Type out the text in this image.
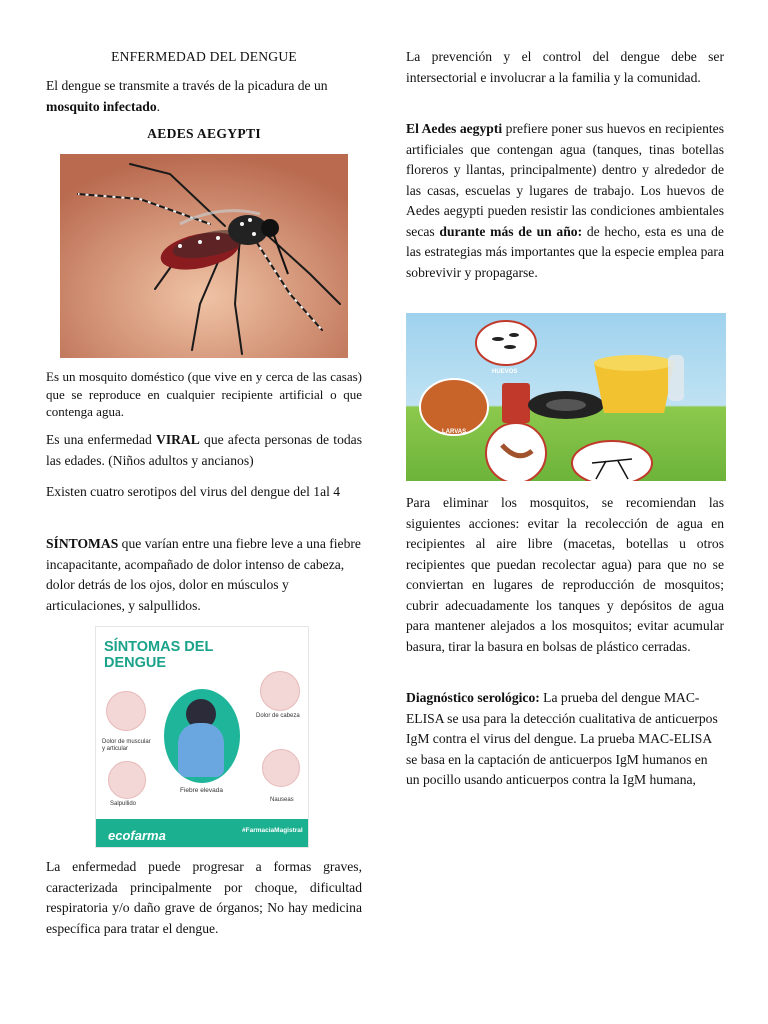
ENFERMEDAD DEL DENGUE

El dengue se transmite a través de la picadura de un mosquito infectado.

AEDES AEGYPTI

Es un mosquito doméstico (que vive en y cerca de las casas) que se reproduce en cualquier recipiente artificial o que contenga agua.

Es una enfermedad VIRAL que afecta personas de todas las edades. (Niños adultos y ancianos)

Existen cuatro serotipos del virus del dengue del 1al 4

SÍNTOMAS que varían entre una fiebre leve a una fiebre incapacitante, acompañado de dolor intenso de cabeza, dolor detrás de los ojos, dolor en músculos y articulaciones, y salpullidos.

SÍNTOMAS DEL
DENGUE
Dolor de muscular y articular
Dolor de cabeza
Fiebre elevada
Salpullido
Nauseas
ecofarma	#FarmaciaMagistral

La enfermedad puede progresar a formas graves, caracterizada principalmente por choque, dificultad respiratoria y/o daño grave de órganos; No hay medicina específica para tratar el dengue.

La prevención y el control del dengue debe ser intersectorial e involucrar a la familia y la comunidad.

El Aedes aegypti prefiere poner sus huevos en recipientes artificiales que contengan agua (tanques, tinas botellas floreros y llantas, principalmente) dentro y alrededor de las casas, escuelas y lugares de trabajo. Los huevos de Aedes aegypti pueden resistir las condiciones ambientales secas durante más de un año: de hecho, esta es una de las estrategias más importantes que la especie emplea para sobrevivir y propagarse.

HUEVOS
LARVAS

Para eliminar los mosquitos, se recomiendan las siguientes acciones: evitar la recolección de agua en recipientes al aire libre (macetas, botellas u otros recipientes que puedan recolectar agua) para que no se conviertan en lugares de reproducción de mosquitos; cubrir adecuadamente los tanques y depósitos de agua para mantener alejados a los mosquitos; evitar acumular basura, tirar la basura en bolsas de plástico cerradas.

Diagnóstico serológico: La prueba del dengue MAC-ELISA se usa para la detección cualitativa de anticuerpos IgM contra el virus del dengue. La prueba MAC-ELISA se basa en la captación de anticuerpos IgM humanos en un pocillo usando anticuerpos contra la IgM humana,
